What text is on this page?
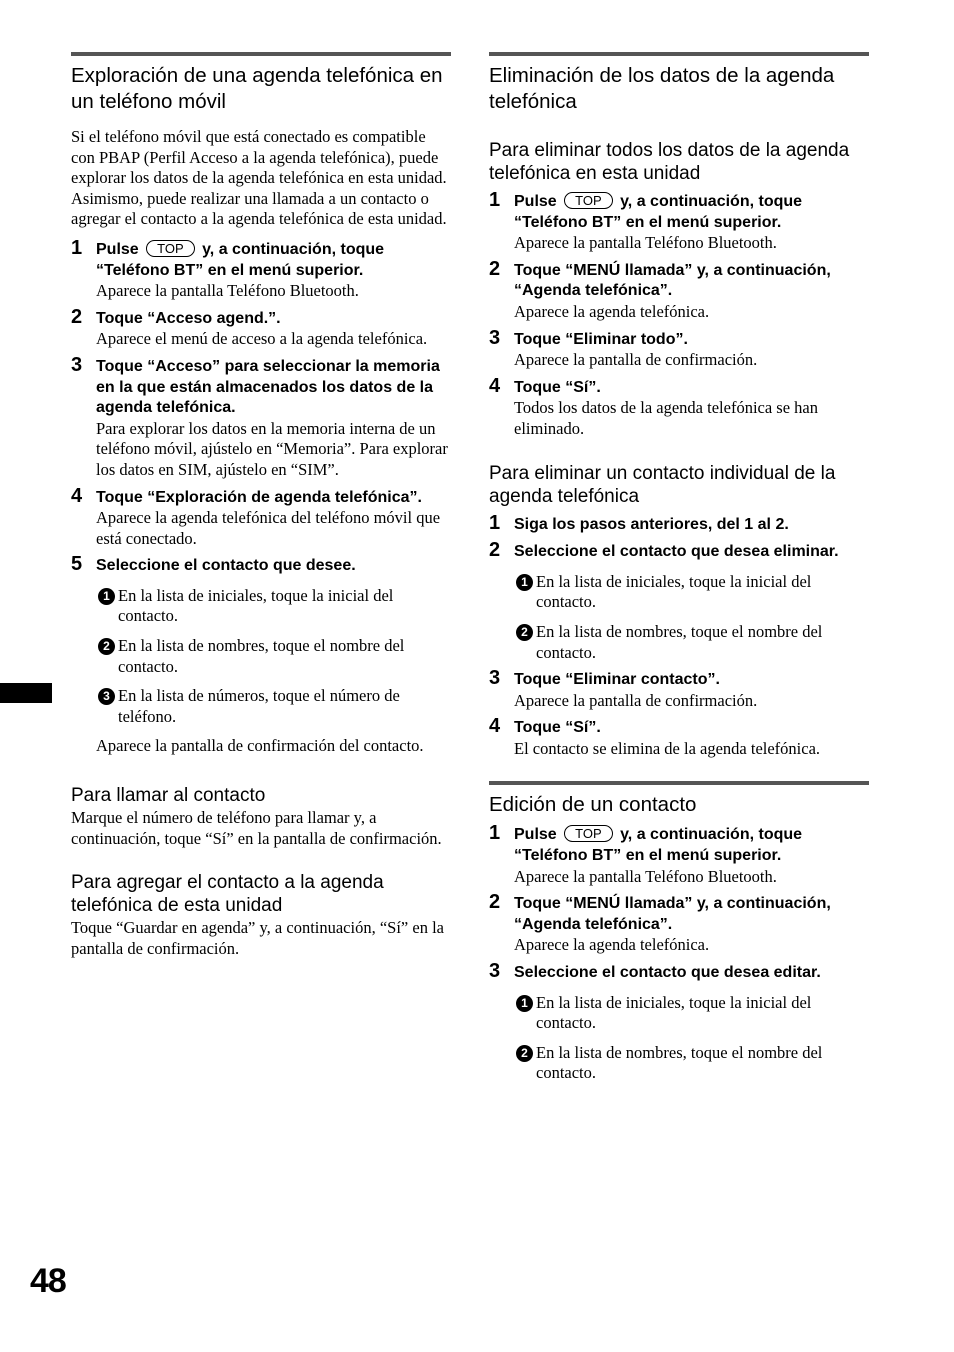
Exploración de una agenda telefónica en un teléfono móvil

Si el teléfono móvil que está conectado es compatible con PBAP (Perfil Acceso a la agenda telefónica), puede explorar los datos de la agenda telefónica en esta unidad.

Asimismo, puede realizar una llamada a un contacto o agregar el contacto a la agenda telefónica de esta unidad.

1 Pulse TOP y, a continuación, toque “Teléfono BT” en el menú superior.
Aparece la pantalla Teléfono Bluetooth.
2 Toque “Acceso agend.”.
Aparece el menú de acceso a la agenda telefónica.
3 Toque “Acceso” para seleccionar la memoria en la que están almacenados los datos de la agenda telefónica.
Para explorar los datos en la memoria interna de un teléfono móvil, ajústelo en “Memoria”. Para explorar los datos en SIM, ajústelo en “SIM”.
4 Toque “Exploración de agenda telefónica”.
Aparece la agenda telefónica del teléfono móvil que está conectado.
5 Seleccione el contacto que desee.
1 En la lista de iniciales, toque la inicial del contacto.
2 En la lista de nombres, toque el nombre del contacto.
3 En la lista de números, toque el número de teléfono.
Aparece la pantalla de confirmación del contacto.
Para llamar al contacto

Marque el número de teléfono para llamar y, a continuación, toque “Sí” en la pantalla de confirmación.

Para agregar el contacto a la agenda telefónica de esta unidad

Toque “Guardar en agenda” y, a continuación, “Sí” en la pantalla de confirmación.

Eliminación de los datos de la agenda telefónica
Para eliminar todos los datos de la agenda telefónica en esta unidad
1 Pulse TOP y, a continuación, toque “Teléfono BT” en el menú superior.
Aparece la pantalla Teléfono Bluetooth.
2 Toque “MENÚ llamada” y, a continuación, “Agenda telefónica”.
Aparece la agenda telefónica.
3 Toque “Eliminar todo”.
Aparece la pantalla de confirmación.
4 Toque “Sí”.
Todos los datos de la agenda telefónica se han eliminado.
Para eliminar un contacto individual de la agenda telefónica
1 Siga los pasos anteriores, del 1 al 2.
2 Seleccione el contacto que desea eliminar.
1 En la lista de iniciales, toque la inicial del contacto.
2 En la lista de nombres, toque el nombre del contacto.
3 Toque “Eliminar contacto”.
Aparece la pantalla de confirmación.
4 Toque “Sí”.
El contacto se elimina de la agenda telefónica.
Edición de un contacto
1 Pulse TOP y, a continuación, toque “Teléfono BT” en el menú superior.
Aparece la pantalla Teléfono Bluetooth.
2 Toque “MENÚ llamada” y, a continuación, “Agenda telefónica”.
Aparece la agenda telefónica.
3 Seleccione el contacto que desea editar.
1 En la lista de iniciales, toque la inicial del contacto.
2 En la lista de nombres, toque el nombre del contacto.
48
